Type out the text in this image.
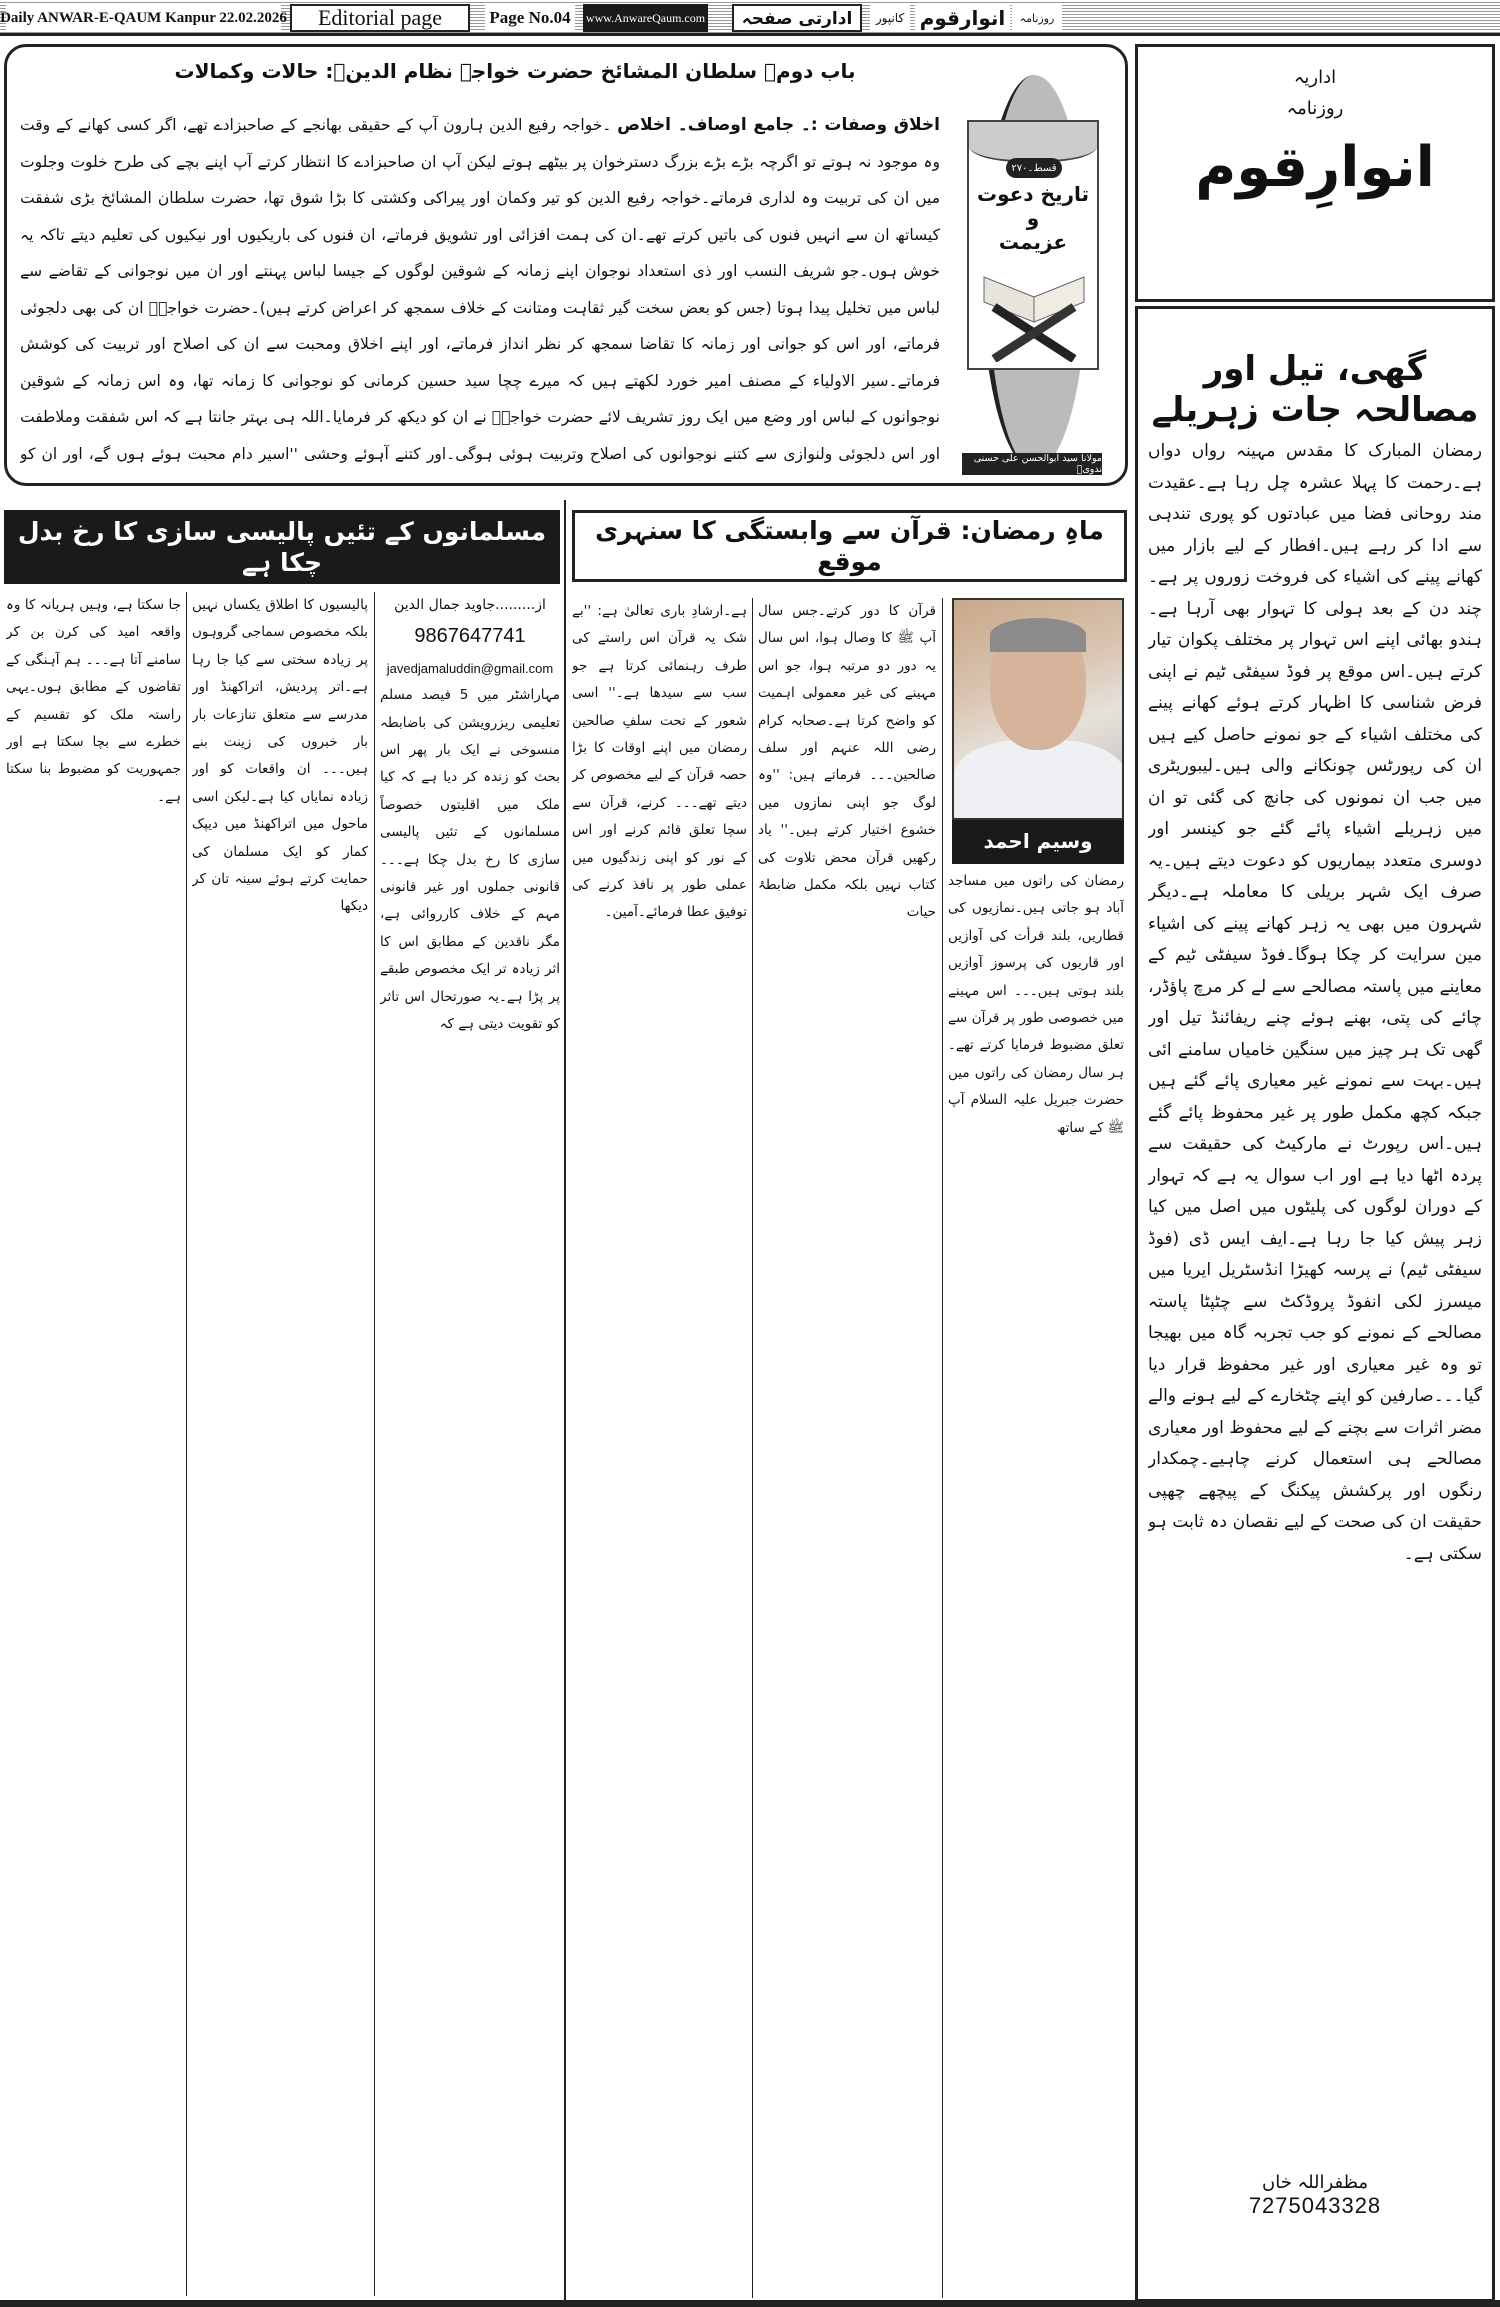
Daily ANWAR-E-QAUM Kanpur 22.02.2026	Editorial page	Page No.04	www.AnwareQaum.com	ادارتی صفحہ	کانپور انوارقوم	روزنامہ
باب دوم۔ سلطان المشائخ حضرت خواجہ نظام الدینؒ: حالات وکمالات
اخلاق وصفات :۔ جامع اوصاف۔ اخلاص ۔خواجہ رفیع الدین ہارون آپ کے حقیقی بھانجے کے صاحبزادے تھے، اگر کسی کھانے کے وقت وہ موجود نہ ہوتے تو اگرچہ بڑے بڑے بزرگ دسترخوان پر بیٹھے ہوتے لیکن آپ ان صاحبزادے کا انتظار کرتے آپ اپنے بچے کی طرح خلوت وجلوت میں ان کی تربیت وہ لداری فرماتے۔خواجہ رفیع الدین کو تیر وکمان اور پیراکی وکشتی کا بڑا شوق تھا، حضرت سلطان المشائخ بڑی شفقت کیساتھ ان سے انہیں فنوں کی باتیں کرتے تھے۔ان کی ہمت افزائی اور تشویق فرماتے، ان فنوں کی باریکیوں اور نیکیوں کی تعلیم دیتے تاکہ یہ خوش ہوں۔جو شریف النسب اور ذی استعداد نوجوان اپنے زمانہ کے شوقین لوگوں کے جیسا لباس پہنتے اور ان میں نوجوانی کے تقاضے سے لباس میں تخلیل پیدا ہوتا (جس کو بعض سخت گیر ثقاہت ومتانت کے خلاف سمجھ کر اعراض کرتے ہیں)۔حضرت خواجہؒ ان کی بھی دلجوئی فرماتے، اور اس کو جوانی اور زمانہ کا تقاضا سمجھ کر نظر انداز فرماتے، اور اپنے اخلاق ومحبت سے ان کی اصلاح اور تربیت کی کوشش فرماتے۔سیر الاولیاء کے مصنف امیر خورد لکھتے ہیں کہ میرے چچا سید حسین کرمانی کو نوجوانی کا زمانہ تھا، وہ اس زمانہ کے شوقین نوجوانوں کے لباس اور وضع میں ایک روز تشریف لائے حضرت خواجہؒ نے ان کو دیکھ کر فرمایا۔اللہ ہی بہتر جانتا ہے کہ اس شفقت وملاطفت اور اس دلجوئی ولنوازی سے کتنے نوجوانوں کی اصلاح وتربیت ہوئی ہوگی۔اور کتنے آہوئے وحشی ''اسیر دام محبت ہوئے ہوں گے، اور ان کو
قسط۔۲۷۰
تاریخ دعوت
و
عزیمت
مولانا سید ابوالحسن علی حسنی ندویؒ
اداریہ
روزنامہ
انوارِقوم
گھی، تیل اور مصالحہ جات زہریلے
رمضان المبارک کا مقدس مہینہ رواں دواں ہے۔رحمت کا پہلا عشرہ چل رہا ہے۔عقیدت مند روحانی فضا میں عبادتوں کو پوری تندہی سے ادا کر رہے ہیں۔افطار کے لیے بازار میں کھانے پینے کی اشیاء کی فروخت زوروں پر ہے۔چند دن کے بعد ہولی کا تہوار بھی آرہا ہے۔ہندو بھائی اپنے اس تہوار پر مختلف پکوان تیار کرتے ہیں۔اس موقع پر فوڈ سیفٹی ٹیم نے اپنی فرض شناسی کا اظہار کرتے ہوئے کھانے پینے کی مختلف اشیاء کے جو نمونے حاصل کیے ہیں ان کی رپورٹس چونکانے والی ہیں۔لیبوریٹری میں جب ان نمونوں کی جانچ کی گئی تو ان میں زہریلے اشیاء پائے گئے جو کینسر اور دوسری متعدد بیماریوں کو دعوت دیتے ہیں۔یہ صرف ایک شہر بریلی کا معاملہ ہے۔دیگر شہرون میں بھی یہ زہر کھانے پینے کی اشیاء مین سرایت کر چکا ہوگا۔فوڈ سیفٹی ٹیم کے معاینے میں پاستہ مصالحے سے لے کر مرچ پاؤڈر، چائے کی پتی، بھنے ہوئے چنے ریفائنڈ تیل اور گھی تک ہر چیز میں سنگین خامیاں سامنے ائی ہیں۔بہت سے نمونے غیر معیاری پائے گئے ہیں جبکہ کچھ مکمل طور پر غیر محفوظ پائے گئے ہیں۔اس رپورٹ نے مارکیٹ کی حقیقت سے پردہ اٹھا دیا ہے اور اب سوال یہ ہے کہ تہوار کے دوران لوگوں کی پلیٹوں میں اصل میں کیا زہر پیش کیا جا رہا ہے۔ایف ایس ڈی (فوڈ سیفٹی ٹیم) نے پرسہ کھیڑا انڈسٹریل ایریا میں میسرز لکی انفوڈ پروڈکٹ سے چٹپٹا پاستہ مصالحے کے نمونے کو جب تجربہ گاہ میں بھیجا تو وہ غیر معیاری اور غیر محفوظ قرار دیا گیا۔۔۔صارفین کو اپنے چٹخارے کے لیے ہونے والے مضر اثرات سے بچنے کے لیے محفوظ اور معیاری مصالحے ہی استعمال کرنے چاہیے۔چمکدار رنگوں اور پرکشش پیکنگ کے پیچھے چھپی حقیقت ان کی صحت کے لیے نقصان دہ ثابت ہو سکتی ہے۔
مظفراللہ خاں
7275043328
ماہِ رمضان: قرآن سے وابستگی کا سنہری موقع
وسیم احمد
رمضان کی راتوں میں مساجد آباد ہو جاتی ہیں۔نمازیوں کی قطاریں، بلند قرأت کی آوازیں اور قاریوں کی پرسوز آوازیں بلند ہوتی ہیں۔۔۔ اس مہینے میں خصوصی طور پر قرآن سے تعلق مضبوط فرمایا کرتے تھے۔ہر سال رمضان کی راتوں میں حضرت جبریل علیہ السلام آپ ﷺ کے ساتھ
قرآن کا دور کرتے۔جس سال آپ ﷺ کا وصال ہوا، اس سال یہ دور دو مرتبہ ہوا، جو اس مہینے کی غیر معمولی اہمیت کو واضح کرتا ہے۔صحابہ کرام رضی اللہ عنہم اور سلف صالحین۔۔۔ فرماتے ہیں: ''وہ لوگ جو اپنی نمازوں میں خشوع اختیار کرتے ہیں۔'' یاد رکھیں قرآن محض تلاوت کی کتاب نہیں بلکہ مکمل ضابطۂ حیات
ہے۔ارشادِ باری تعالیٰ ہے: ''بے شک یہ قرآن اس راستے کی طرف رہنمائی کرتا ہے جو سب سے سیدھا ہے۔'' اسی شعور کے تحت سلفِ صالحین رمضان میں اپنے اوقات کا بڑا حصہ قرآن کے لیے مخصوص کر دیتے تھے۔۔۔ کرنے، قرآن سے سچا تعلق قائم کرنے اور اس کے نور کو اپنی زندگیوں میں عملی طور پر نافذ کرنے کی توفیق عطا فرمائے۔آمین۔
مسلمانوں کے تئیں پالیسی سازی کا رخ بدل چکا ہے
از.........جاوید جمال الدین
9867647741
javedjamaluddin@gmail.com
مہاراشٹر میں 5 فیصد مسلم تعلیمی ریزرویشن کی باضابطہ منسوخی نے ایک بار پھر اس بحث کو زندہ کر دیا ہے کہ کیا ملک میں اقلیتوں خصوصاً مسلمانوں کے تئیں پالیسی سازی کا رخ بدل چکا ہے۔۔۔ قانونی جملوں اور غیر قانونی مہم کے خلاف کارروائی ہے، مگر ناقدین کے مطابق اس کا اثر زیادہ تر ایک مخصوص طبقے پر پڑا ہے۔یہ صورتحال اس تاثر کو تقویت دیتی ہے کہ
پالیسیوں کا اطلاق یکساں نہیں بلکہ مخصوص سماجی گروہوں پر زیادہ سختی سے کیا جا رہا ہے۔اتر پردیش، اتراکھنڈ اور مدرسے سے متعلق تنازعات بار بار خبروں کی زینت بنے ہیں۔۔۔ ان واقعات کو اور زیادہ نمایاں کیا ہے۔لیکن اسی ماحول میں اتراکھنڈ میں دیپک کمار کو ایک مسلمان کی حمایت کرتے ہوئے سینہ تان کر دیکھا
جا سکتا ہے، وہیں ہریانہ کا وہ واقعہ امید کی کرن بن کر سامنے آتا ہے۔۔۔ ہم آہنگی کے تقاضوں کے مطابق ہوں۔یہی راستہ ملک کو تقسیم کے خطرے سے بچا سکتا ہے اور جمہوریت کو مضبوط بنا سکتا ہے۔
